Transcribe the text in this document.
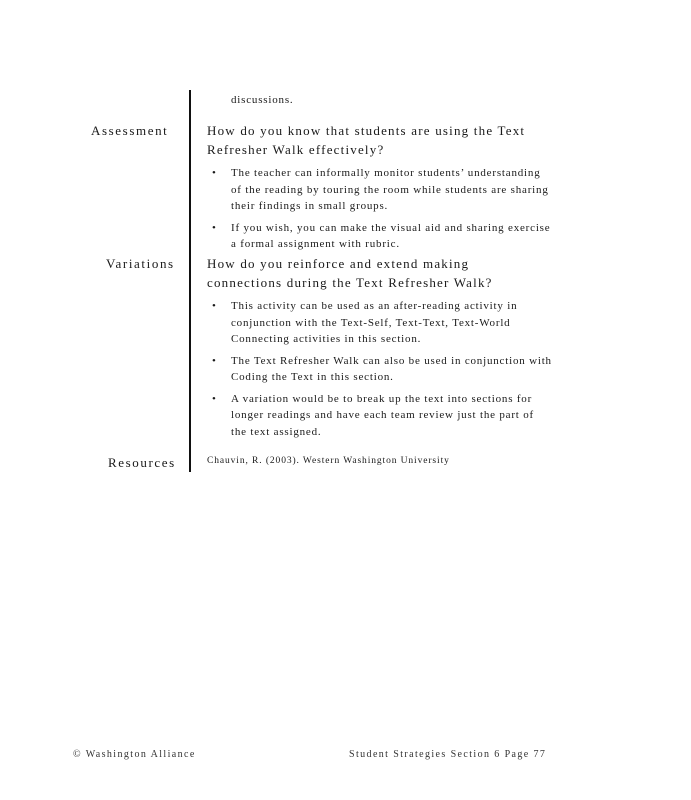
discussions.
Assessment	How do you know that students are using the Text Refresher Walk effectively?
• The teacher can informally monitor students’ understanding of the reading by touring the room while students are sharing their findings in small groups.
• If you wish, you can make the visual aid and sharing exercise a formal assignment with rubric.
Variations How do you reinforce and extend making connections during the Text Refresher Walk?
• This activity can be used as an after-reading activity in conjunction with the Text-Self, Text-Text, Text-World Connecting activities in this section.
• The Text Refresher Walk can also be used in conjunction with Coding the Text in this section.
• A variation would be to break up the text into sections for longer readings and have each team review just the part of the text assigned.
Resources	Chauvin, R. (2003). Western Washington University
© Washington Alliance	Student Strategies Section 6 Page 77
